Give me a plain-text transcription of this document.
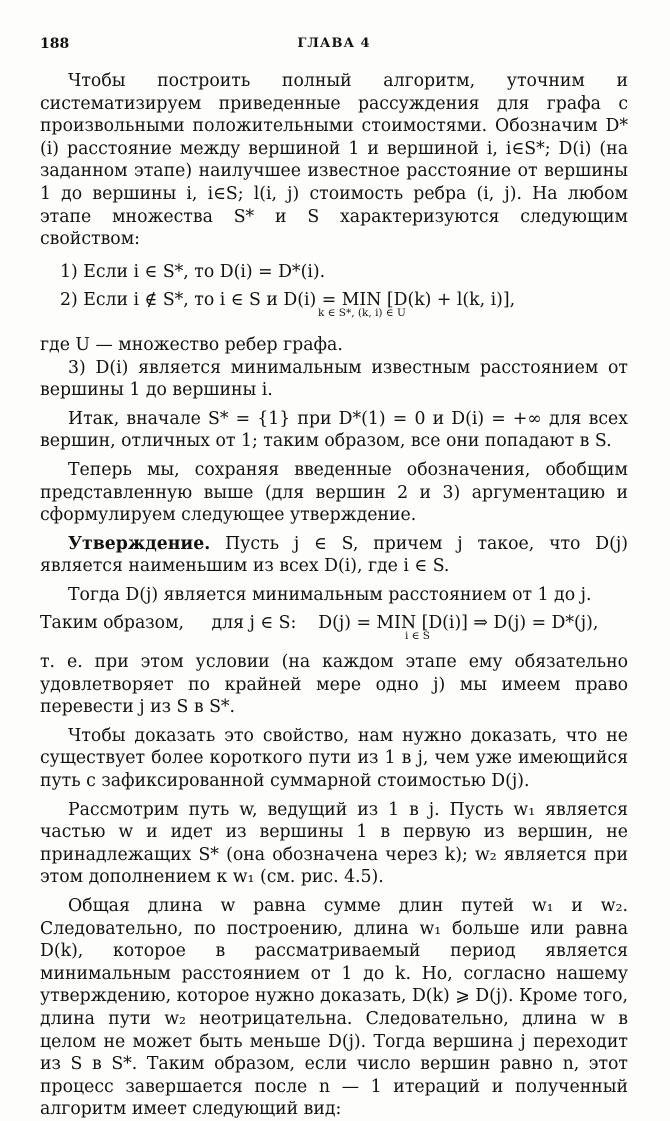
188	ГЛАВА 4

Чтобы построить полный алгоритм, уточним и систематизируем приведенные рассуждения для графа с произвольными положительными стоимостями. Обозначим D*(i) расстояние между вершиной 1 и вершиной i, i∈S*; D(i) (на заданном этапе) наилучшее известное расстояние от вершины 1 до вершины i, i∈S; l(i, j) стоимость ребра (i, j). На любом этапе множества S* и S характеризуются следующим свойством:

1) Если i ∈ S*, то D(i) = D*(i).

2) Если i ∉ S*, то i ∈ S и D(i) = MIN [D(k) + l(k, i)],
k ∈ S*, (k, i) ∈ U

где U — множество ребер графа.

3) D(i) является минимальным известным расстоянием от вершины 1 до вершины i.

Итак, вначале S* = {1} при D*(1) = 0 и D(i) = +∞ для всех вершин, отличных от 1; таким образом, все они попадают в S.

Теперь мы, сохраняя введенные обозначения, обобщим представленную выше (для вершин 2 и 3) аргументацию и сформулируем следующее утверждение.

Утверждение. Пусть j ∈ S, причем j такое, что D(j) является наименьшим из всех D(i), где i ∈ S.

Тогда D(j) является минимальным расстоянием от 1 до j.

Таким образом,     для j ∈ S:    D(j) = MIN [D(i)] ⇒ D(j) = D*(j),
i ∈ S

т. е. при этом условии (на каждом этапе ему обязательно удовлетворяет по крайней мере одно j) мы имеем право перевести j из S в S*.

Чтобы доказать это свойство, нам нужно доказать, что не существует более короткого пути из 1 в j, чем уже имеющийся путь с зафиксированной суммарной стоимостью D(j).

Рассмотрим путь w, ведущий из 1 в j. Пусть w₁ является частью w и идет из вершины 1 в первую из вершин, не принадлежащих S* (она обозначена через k); w₂ является при этом дополнением к w₁ (см. рис. 4.5).

Общая длина w равна сумме длин путей w₁ и w₂. Следовательно, по построению, длина w₁ больше или равна D(k), которое в рассматриваемый период является минимальным расстоянием от 1 до k. Но, согласно нашему утверждению, которое нужно доказать, D(k) ⩾ D(j). Кроме того, длина пути w₂ неотрицательна. Следовательно, длина w в целом не может быть меньше D(j). Тогда вершина j переходит из S в S*. Таким образом, если число вершин равно n, этот процесс завершается после n — 1 итераций и полученный алгоритм имеет следующий вид:
